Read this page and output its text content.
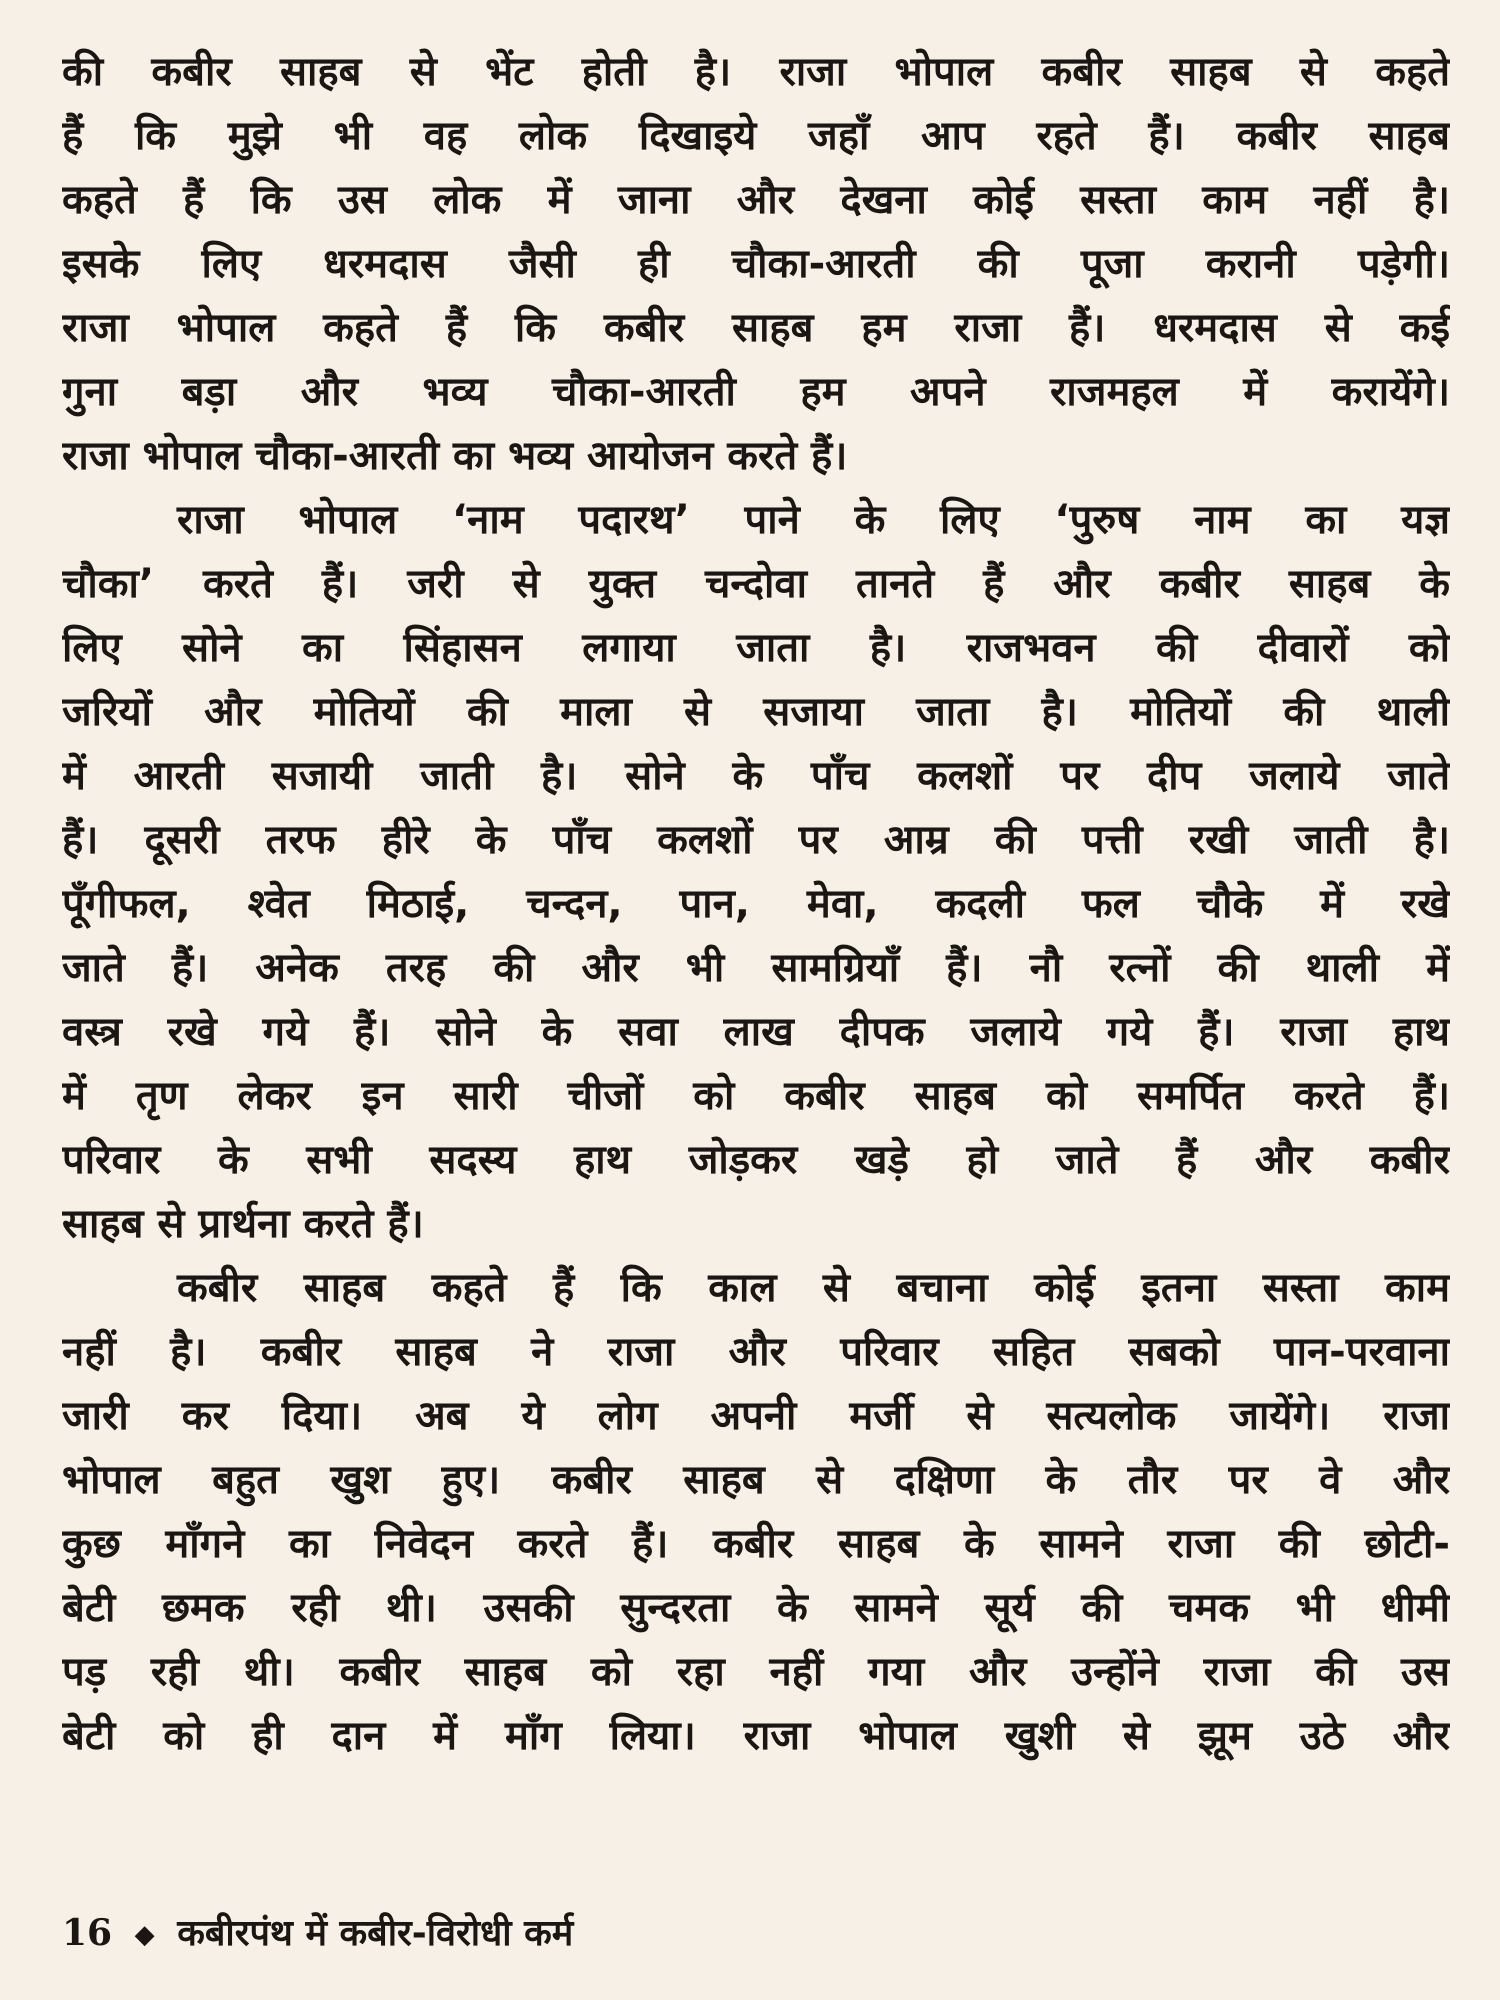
की कबीर साहब से भेंट होती है। राजा भोपाल कबीर साहब से कहते
हैं कि मुझे भी वह लोक दिखाइये जहाँ आप रहते हैं। कबीर साहब
कहते हैं कि उस लोक में जाना और देखना कोई सस्ता काम नहीं है।
इसके लिए धरमदास जैसी ही चौका-आरती की पूजा करानी पड़ेगी।
राजा भोपाल कहते हैं कि कबीर साहब हम राजा हैं। धरमदास से कई
गुना बड़ा और भव्य चौका-आरती हम अपने राजमहल में करायेंगे।
राजा भोपाल चौका-आरती का भव्य आयोजन करते हैं।
राजा भोपाल ‘नाम पदारथ’ पाने के लिए ‘पुरुष नाम का यज्ञ
चौका’ करते हैं। जरी से युक्त चन्दोवा तानते हैं और कबीर साहब के
लिए सोने का सिंहासन लगाया जाता है। राजभवन की दीवारों को
जरियों और मोतियों की माला से सजाया जाता है। मोतियों की थाली
में आरती सजायी जाती है। सोने के पाँच कलशों पर दीप जलाये जाते
हैं। दूसरी तरफ हीरे के पाँच कलशों पर आम्र की पत्ती रखी जाती है।
पूँगीफल, श्वेत मिठाई, चन्दन, पान, मेवा, कदली फल चौके में रखे
जाते हैं। अनेक तरह की और भी सामग्रियाँ हैं। नौ रत्नों की थाली में
वस्त्र रखे गये हैं। सोने के सवा लाख दीपक जलाये गये हैं। राजा हाथ
में तृण लेकर इन सारी चीजों को कबीर साहब को समर्पित करते हैं।
परिवार के सभी सदस्य हाथ जोड़कर खड़े हो जाते हैं और कबीर
साहब से प्रार्थना करते हैं।
कबीर साहब कहते हैं कि काल से बचाना कोई इतना सस्ता काम
नहीं है। कबीर साहब ने राजा और परिवार सहित सबको पान-परवाना
जारी कर दिया। अब ये लोग अपनी मर्जी से सत्यलोक जायेंगे। राजा
भोपाल बहुत खुश हुए। कबीर साहब से दक्षिणा के तौर पर वे और
कुछ माँगने का निवेदन करते हैं। कबीर साहब के सामने राजा की छोटी-
बेटी छमक रही थी। उसकी सुन्दरता के सामने सूर्य की चमक भी धीमी
पड़ रही थी। कबीर साहब को रहा नहीं गया और उन्होंने राजा की उस
बेटी को ही दान में माँग लिया। राजा भोपाल खुशी से झूम उठे और
16 ◆ कबीरपंथ में कबीर-विरोधी कर्म
